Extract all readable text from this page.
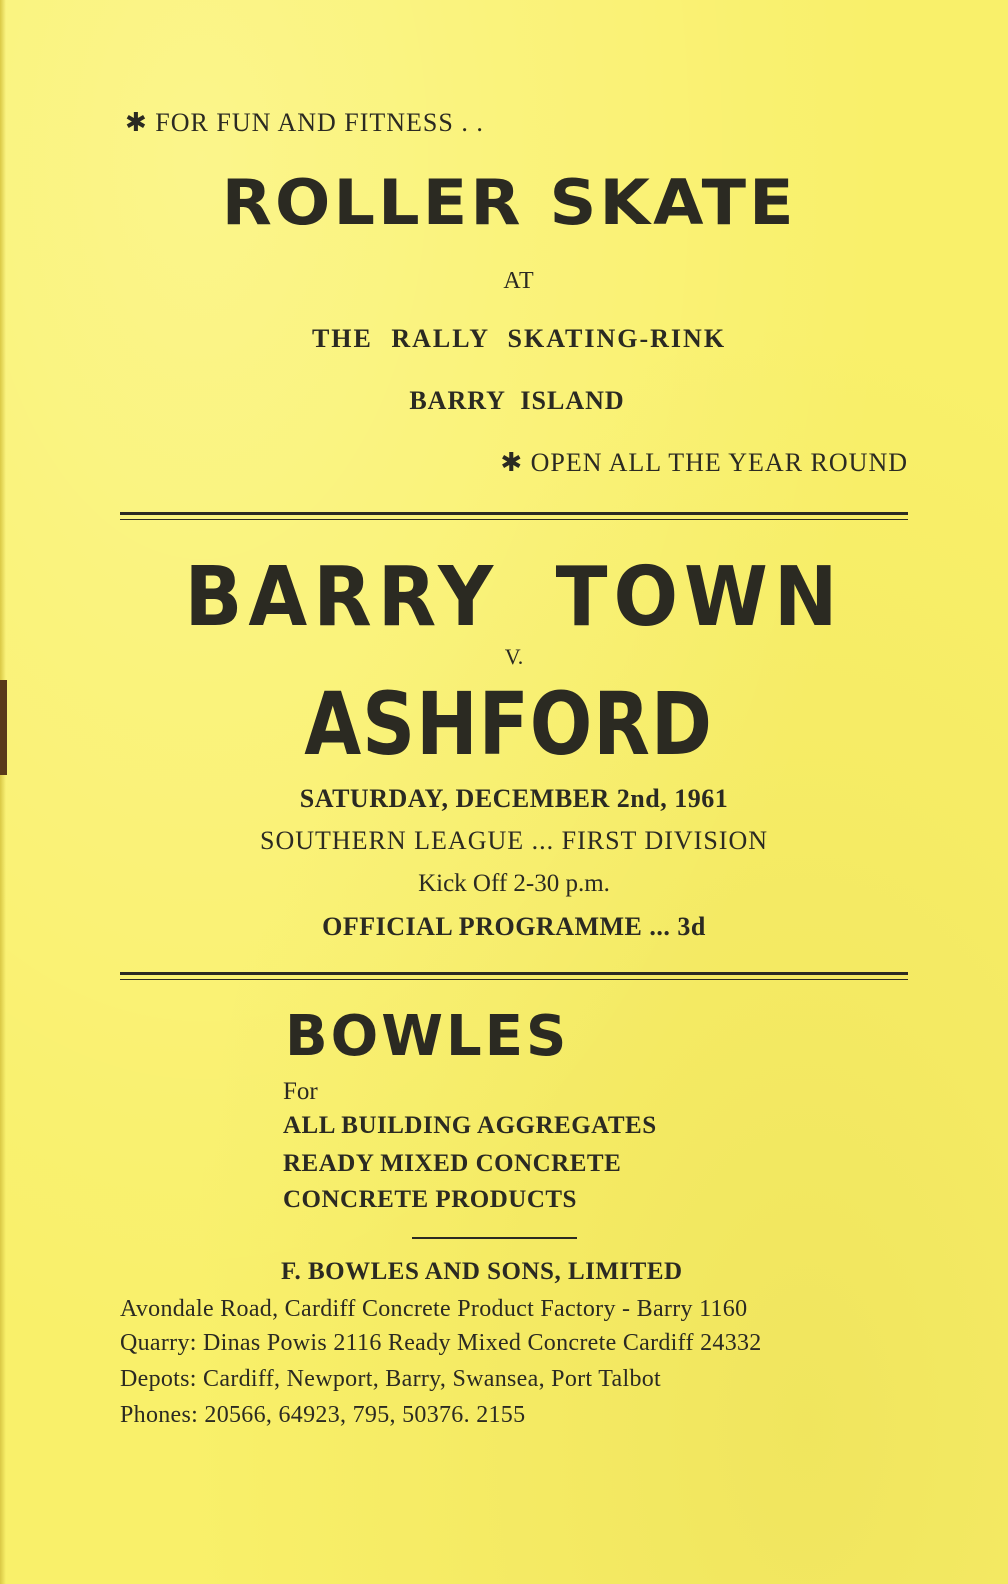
✱ FOR FUN AND FITNESS . .

ROLLER SKATE

AT

THE RALLY SKATING-RINK

BARRY ISLAND

✱ OPEN ALL THE YEAR ROUND

BARRY TOWN

V.

ASHFORD

SATURDAY, DECEMBER 2nd, 1961

SOUTHERN LEAGUE ... FIRST DIVISION

Kick Off 2-30 p.m.

OFFICIAL PROGRAMME ... 3d

BOWLES

For

ALL BUILDING AGGREGATES

READY MIXED CONCRETE

CONCRETE PRODUCTS

F. BOWLES AND SONS, LIMITED

Avondale Road, Cardiff Concrete Product Factory - Barry 1160

Quarry: Dinas Powis 2116 Ready Mixed Concrete Cardiff 24332

Depots: Cardiff, Newport, Barry, Swansea, Port Talbot

Phones: 20566, 64923, 795, 50376. 2155
